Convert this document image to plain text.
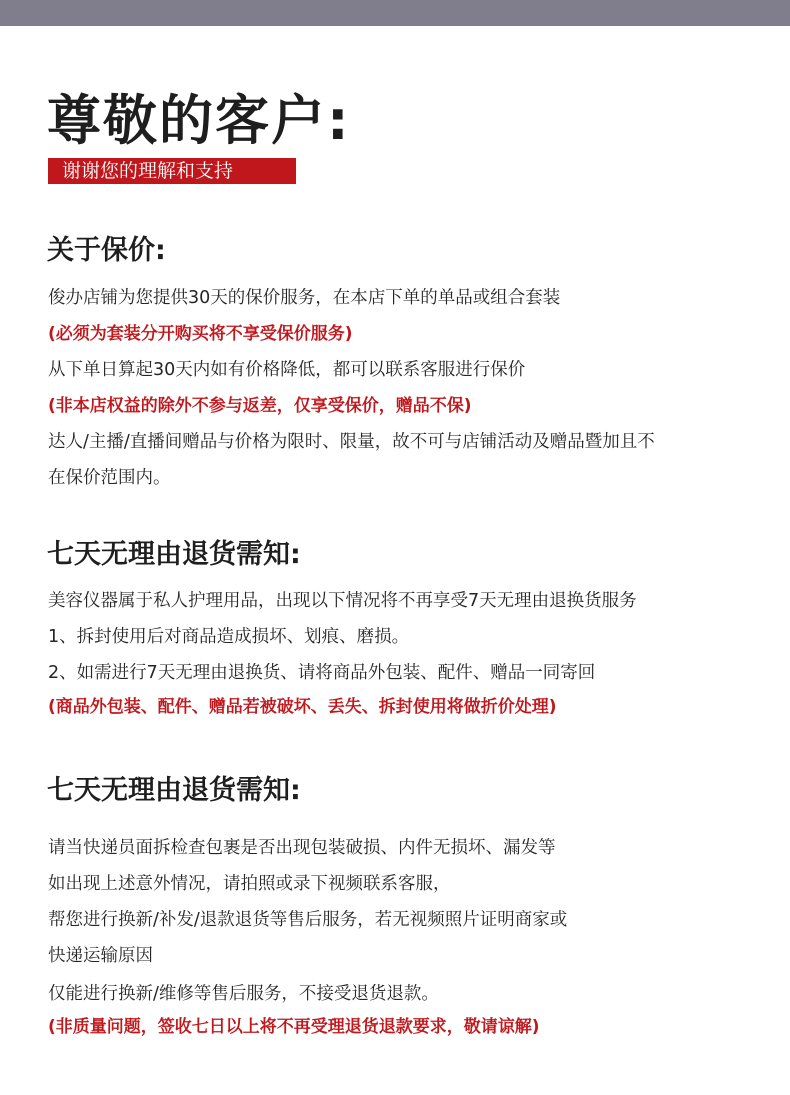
尊敬的客户:
谢谢您的理解和支持
关于保价:
俊办店铺为您提供30天的保价服务，在本店下单的单品或组合套装
(必须为套装分开购买将不享受保价服务)
从下单日算起30天内如有价格降低，都可以联系客服进行保价
(非本店权益的除外不参与返差，仅享受保价，赠品不保)
达人/主播/直播间赠品与价格为限时、限量，故不可与店铺活动及赠品暨加且不
在保价范围内。
七天无理由退货需知:
美容仪器属于私人护理用品，出现以下情况将不再享受7天无理由退换货服务
1、拆封使用后对商品造成损坏、划痕、磨损。
2、如需进行7天无理由退换货、请将商品外包装、配件、赠品一同寄回
(商品外包装、配件、赠品若被破坏、丢失、拆封使用将做折价处理)
七天无理由退货需知:
请当快递员面拆检查包裹是否出现包装破损、内件无损坏、漏发等
如出现上述意外情况，请拍照或录下视频联系客服，
帮您进行换新/补发/退款退货等售后服务，若无视频照片证明商家或
快递运输原因
仅能进行换新/维修等售后服务，不接受退货退款。
(非质量问题，签收七日以上将不再受理退货退款要求，敬请谅解)
